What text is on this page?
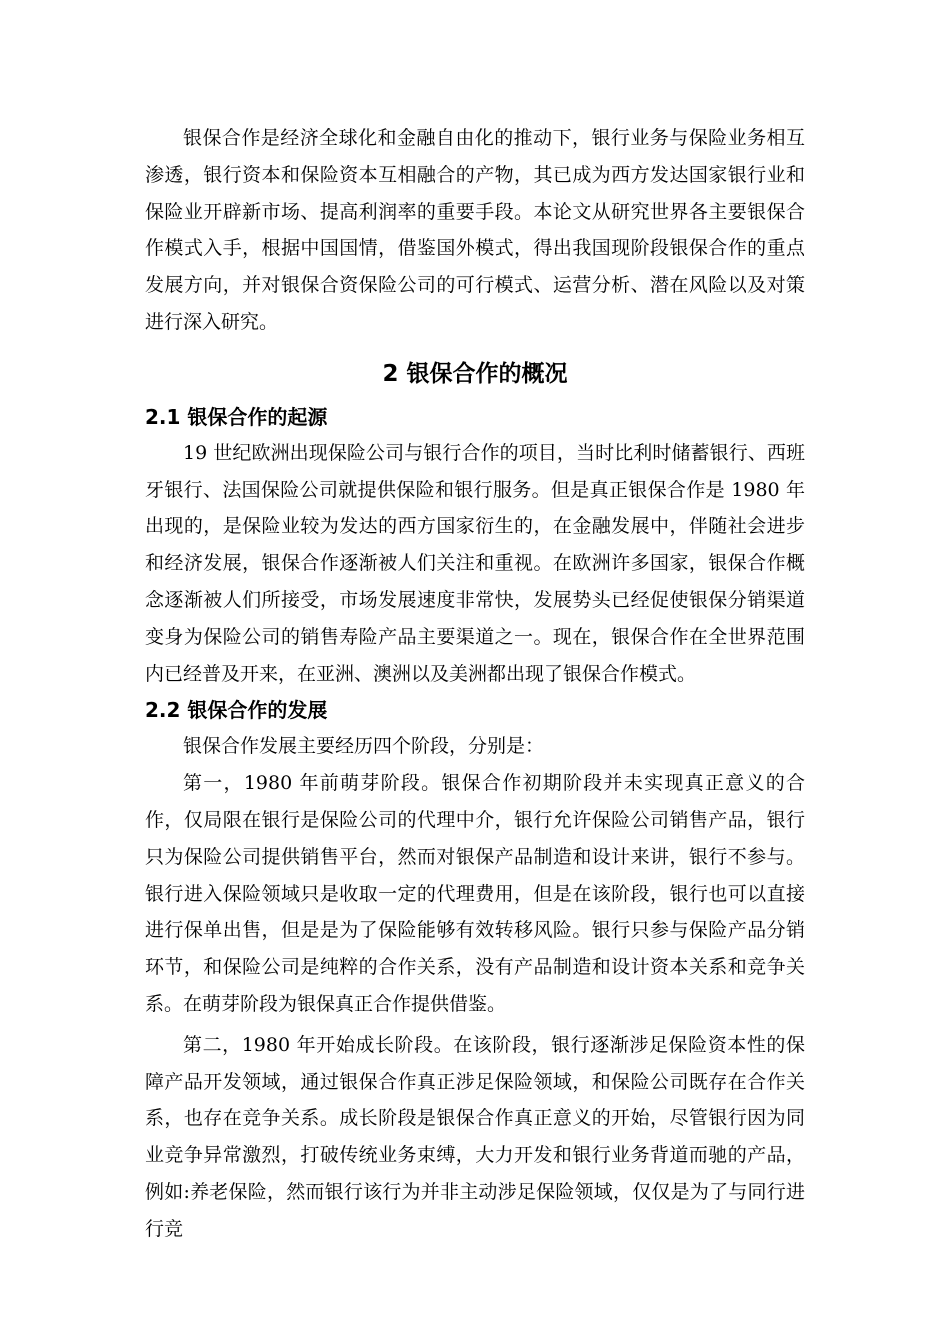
银保合作是经济全球化和金融自由化的推动下，银行业务与保险业务相互渗透，银行资本和保险资本互相融合的产物，其已成为西方发达国家银行业和保险业开辟新市场、提高利润率的重要手段。本论文从研究世界各主要银保合作模式入手，根据中国国情，借鉴国外模式，得出我国现阶段银保合作的重点发展方向，并对银保合资保险公司的可行模式、运营分析、潜在风险以及对策进行深入研究。

2 银保合作的概况
2.1 银保合作的起源

19 世纪欧洲出现保险公司与银行合作的项目，当时比利时储蓄银行、西班牙银行、法国保险公司就提供保险和银行服务。但是真正银保合作是 1980 年出现的，是保险业较为发达的西方国家衍生的，在金融发展中，伴随社会进步和经济发展，银保合作逐渐被人们关注和重视。在欧洲许多国家，银保合作概念逐渐被人们所接受，市场发展速度非常快，发展势头已经促使银保分销渠道变身为保险公司的销售寿险产品主要渠道之一。现在，银保合作在全世界范围内已经普及开来，在亚洲、澳洲以及美洲都出现了银保合作模式。

2.2 银保合作的发展

银保合作发展主要经历四个阶段，分别是：

第一，1980 年前萌芽阶段。银保合作初期阶段并未实现真正意义的合作，仅局限在银行是保险公司的代理中介，银行允许保险公司销售产品，银行只为保险公司提供销售平台，然而对银保产品制造和设计来讲，银行不参与。银行进入保险领域只是收取一定的代理费用，但是在该阶段，银行也可以直接进行保单出售，但是是为了保险能够有效转移风险。银行只参与保险产品分销环节，和保险公司是纯粹的合作关系，没有产品制造和设计资本关系和竞争关系。在萌芽阶段为银保真正合作提供借鉴。

第二，1980 年开始成长阶段。在该阶段，银行逐渐涉足保险资本性的保障产品开发领域，通过银保合作真正涉足保险领域，和保险公司既存在合作关系，也存在竞争关系。成长阶段是银保合作真正意义的开始，尽管银行因为同业竞争异常激烈，打破传统业务束缚，大力开发和银行业务背道而驰的产品，例如:养老保险，然而银行该行为并非主动涉足保险领域，仅仅是为了与同行进行竞
